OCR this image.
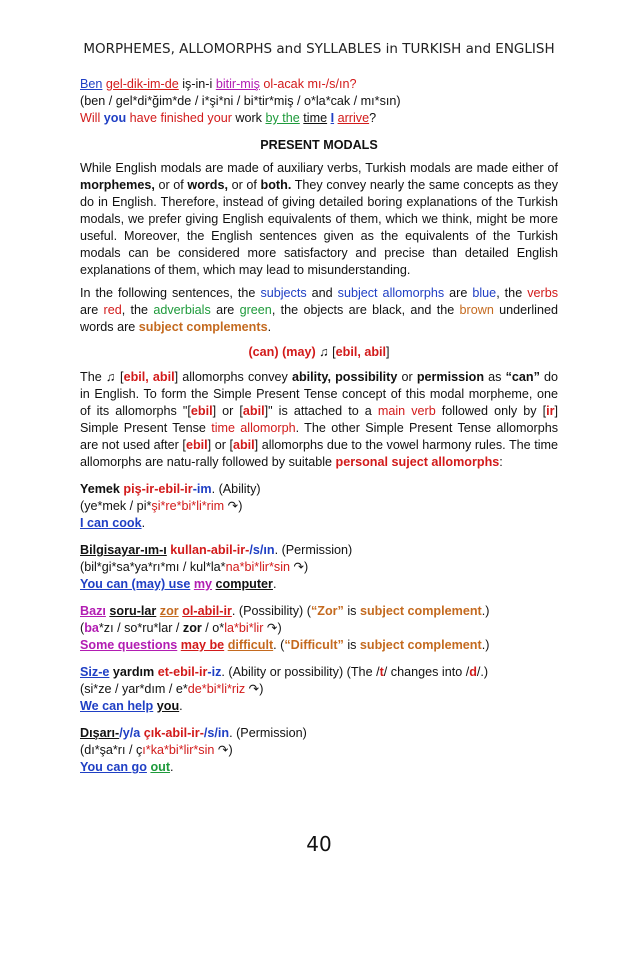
MORPHEMES, ALLOMORPHS and SYLLABLES in TURKISH and ENGLISH

Ben gel-dik-im-de iş-in-i bitir-miş ol-acak mı-/s/ın?

(ben / gel*di*ğim*de / i*şi*ni / bi*tir*miş / o*la*cak / mı*sın)

Will you have finished your work by the time I arrive?

PRESENT MODALS

While English modals are made of auxiliary verbs, Turkish modals are made either of morphemes, or of words, or of both. They convey nearly the same concepts as they do in English. Therefore, instead of giving detailed boring explanations of the Turkish modals, we prefer giving English equivalents of them, which we think, might be more useful. Moreover, the English sentences given as the equivalents of the Turkish modals can be considered more satisfactory and precise than detailed English explanations of them, which may lead to misunderstanding.

In the following sentences, the subjects and subject allomorphs are blue, the verbs are red, the adverbials are green, the objects are black, and the brown underlined words are subject complements.

(can) (may) ♫ [ebil, abil]

The ♫ [ebil, abil] allomorphs convey ability, possibility or permission as “can” do in English. To form the Simple Present Tense concept of this modal morpheme, one of its allomorphs "[ebil] or [abil]" is attached to a main verb followed only by [ir] Simple Present Tense time allomorph. The other Simple Present Tense allomorphs are not used after [ebil] or [abil] allomorphs due to the vowel harmony rules. The time allomorphs are natu-rally followed by suitable personal suject allomorphs:

Yemek piş-ir-ebil-ir-im. (Ability)

(ye*mek / pi*şi*re*bi*li*rim ↷)

I can cook.

Bilgisayar-ım-ı kullan-abil-ir-/s/ın. (Permission)

(bil*gi*sa*ya*rı*mı / kul*la*na*bi*lir*sin ↷)

You can (may) use my computer.

Bazı soru-lar zor ol-abil-ir. (Possibility) (“Zor” is subject complement.)

(ba*zı / so*ru*lar / zor / o*la*bi*lir ↷)

Some questions may be difficult. (“Difficult” is subject complement.)

Siz-e yardım et-ebil-ir-iz. (Ability or possibility) (The /t/ changes into /d/.)

(si*ze / yar*dım / e*de*bi*li*riz ↷)

We can help you.

Dışarı-/y/a çık-abil-ir-/s/in. (Permission)

(dı*şa*rı / çı*ka*bi*lir*sin ↷)

You can go out.

40
